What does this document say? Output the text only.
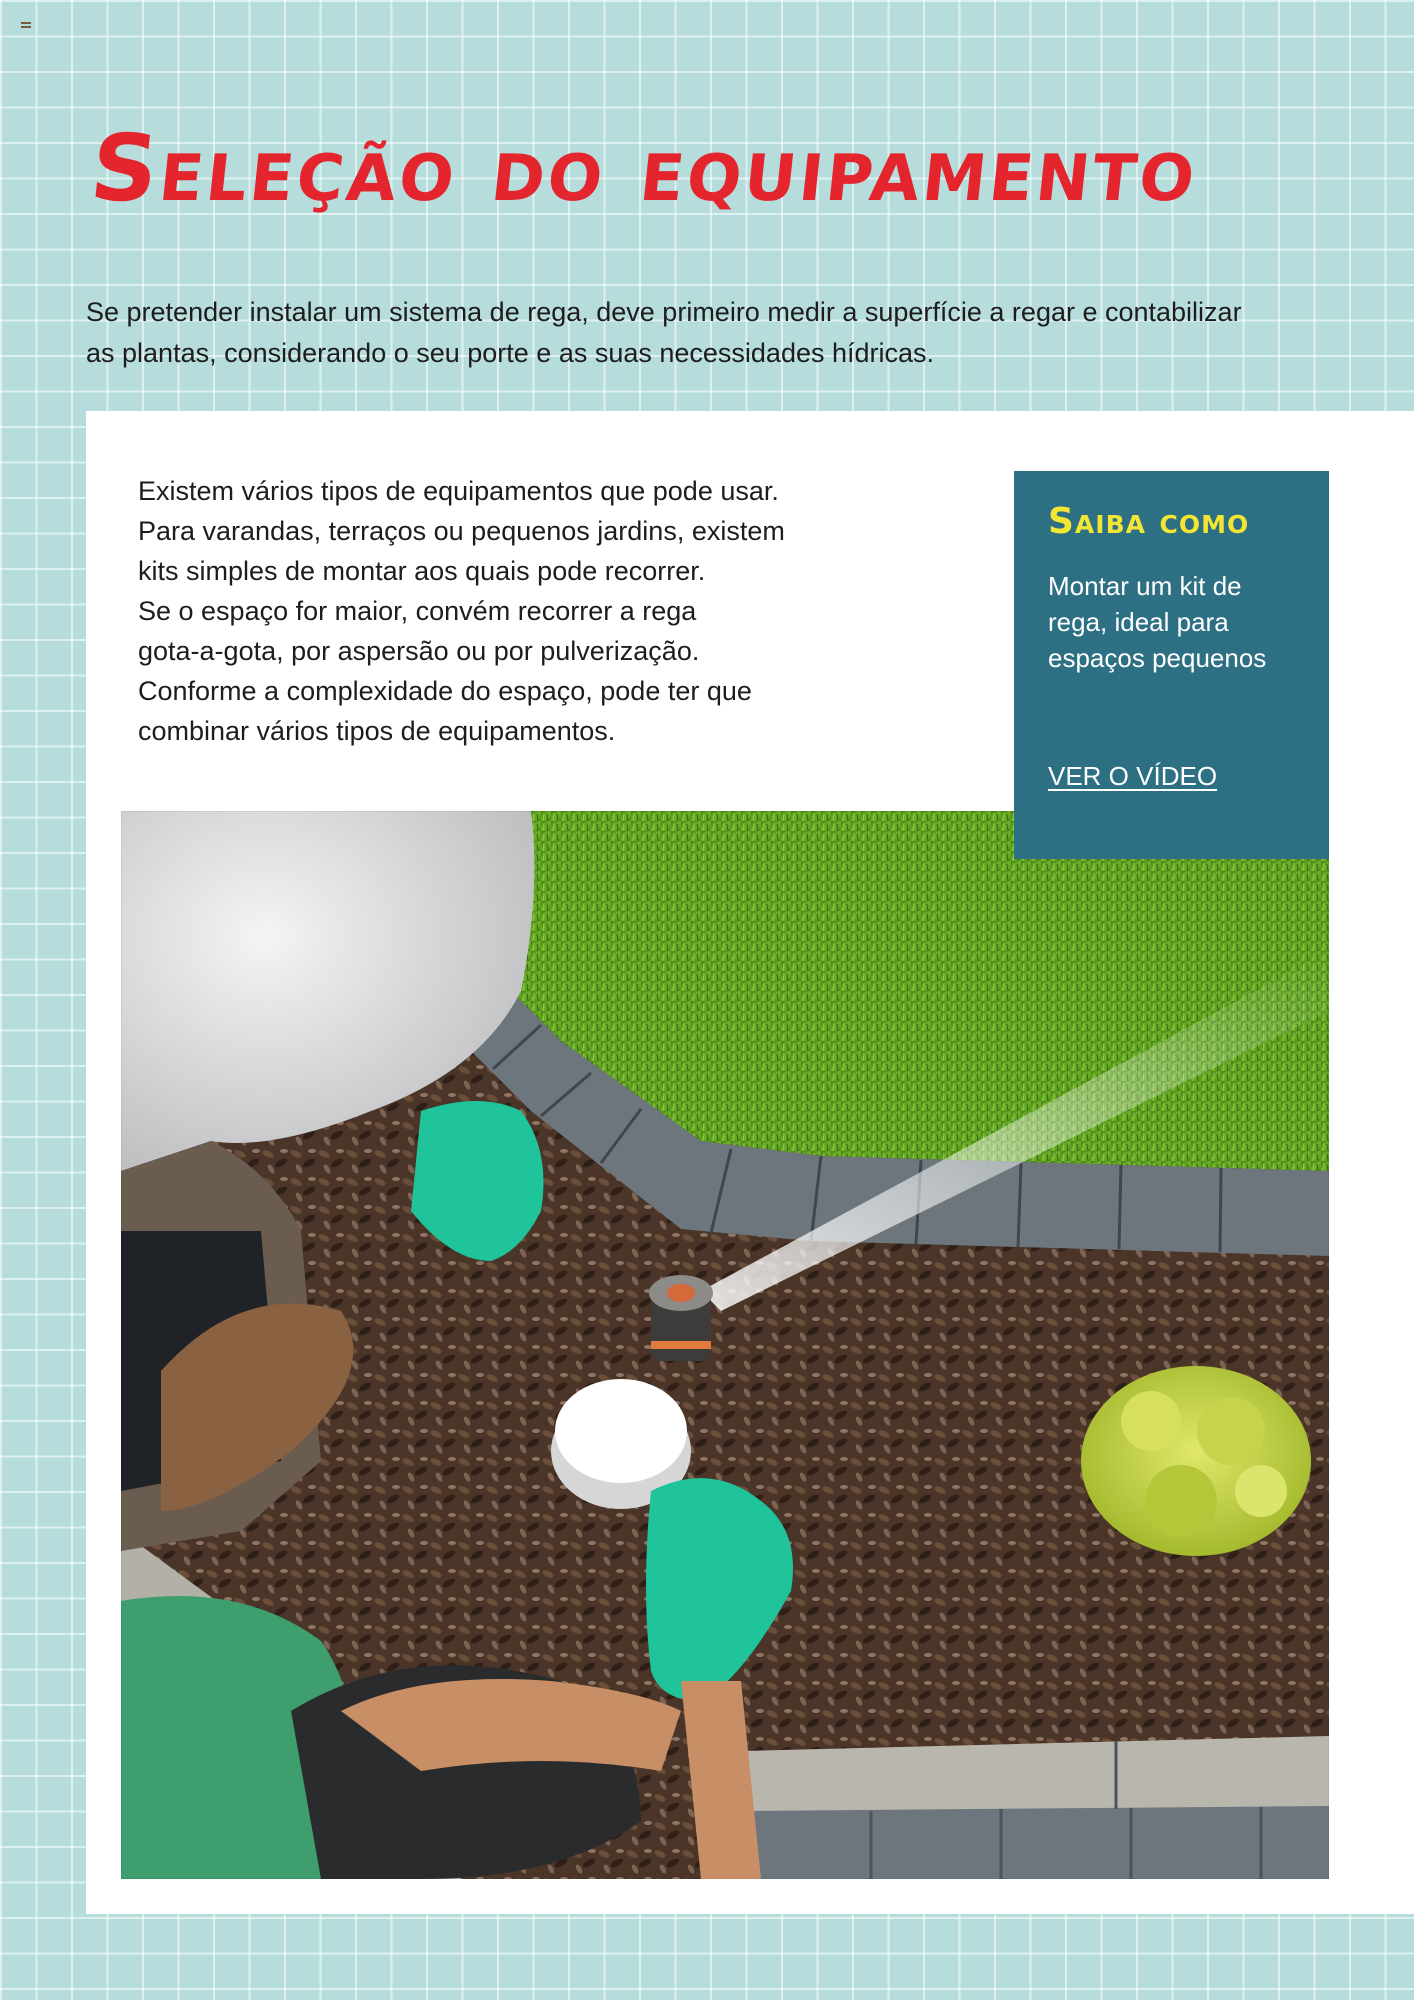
Seleção do equipamento

Se pretender instalar um sistema de rega, deve primeiro medir a superfície a regar e contabilizar as plantas, considerando o seu porte e as suas necessidades hídricas.

Existem vários tipos de equipamentos que pode usar.
Para varandas, terraços ou pequenos jardins, existem
kits simples de montar aos quais pode recorrer.
Se o espaço for maior, convém recorrer a rega
gota-a-gota, por aspersão ou por pulverização.
Conforme a complexidade do espaço, pode ter que
combinar vários tipos de equipamentos.

Saiba como

Montar um kit de rega, ideal para espaços pequenos

VER O VÍDEO
